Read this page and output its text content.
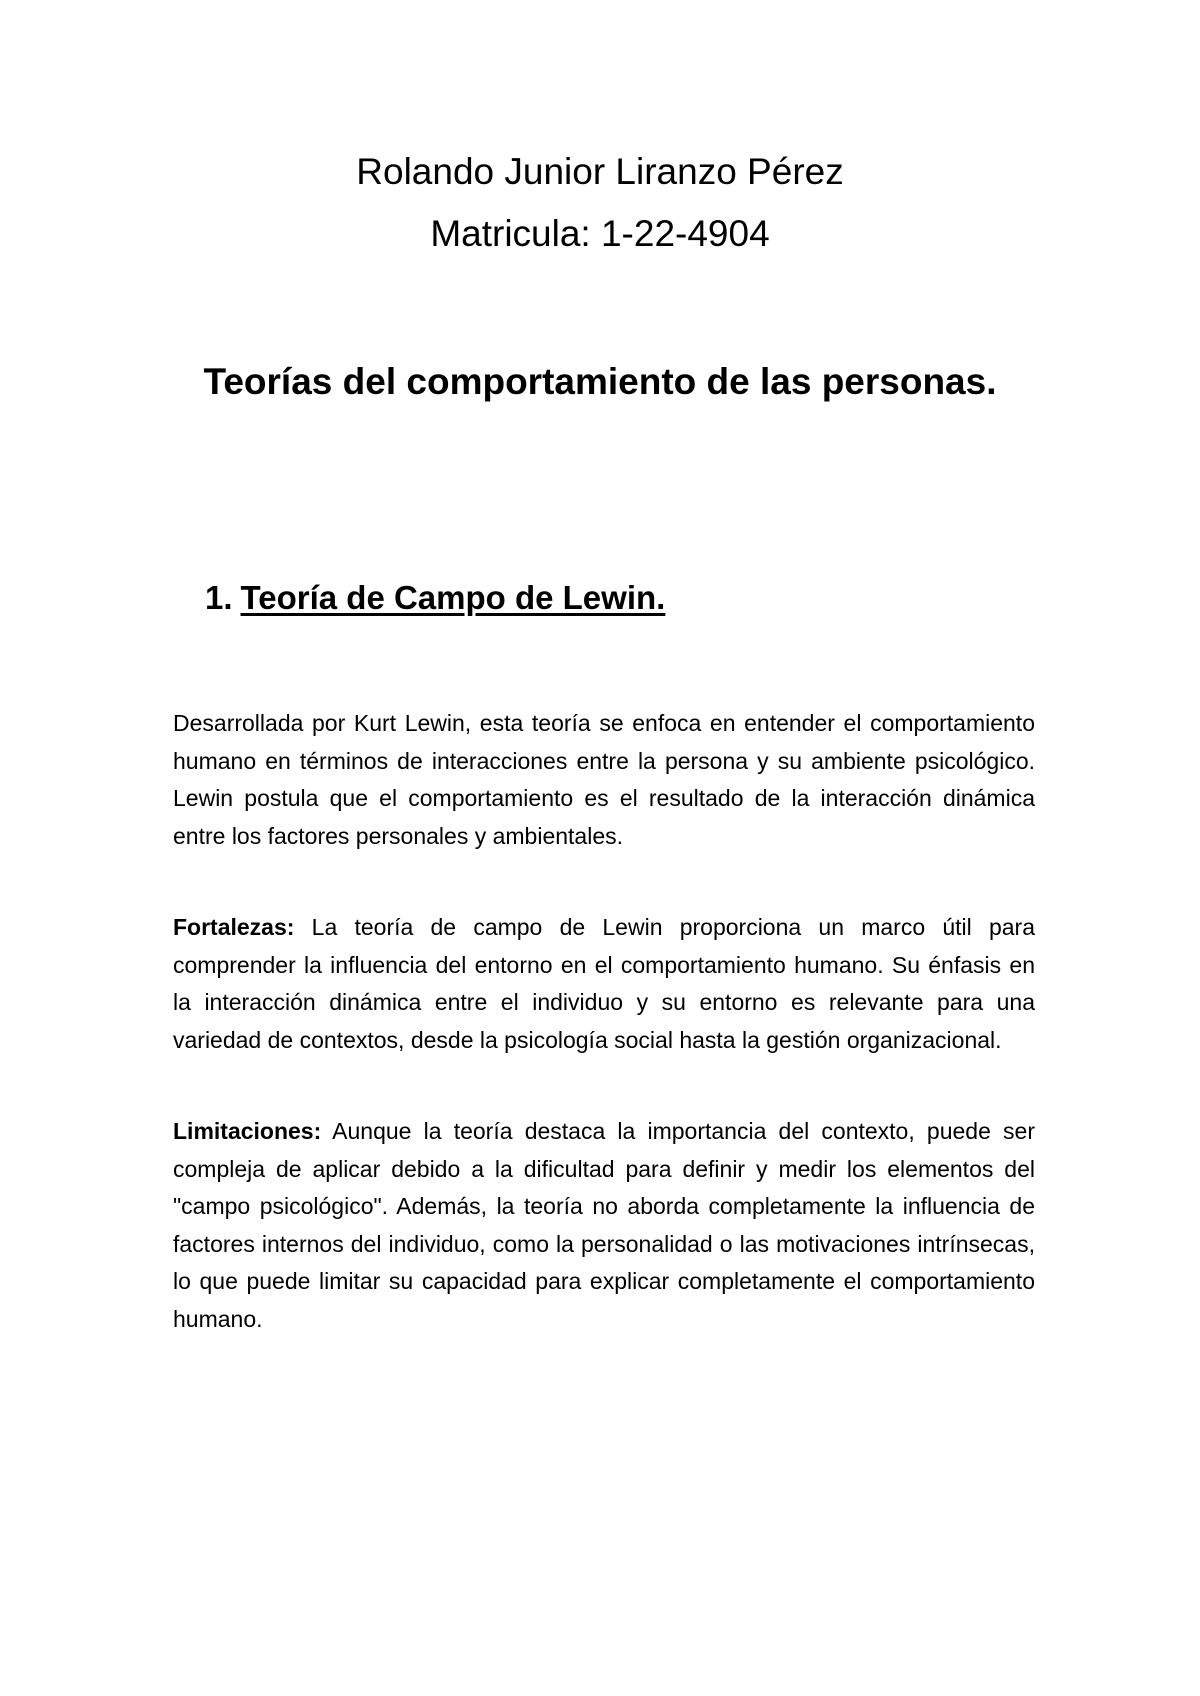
Rolando Junior Liranzo Pérez
Matricula: 1-22-4904
Teorías del comportamiento de las personas.
1. Teoría de Campo de Lewin.

Desarrollada por Kurt Lewin, esta teoría se enfoca en entender el comportamiento humano en términos de interacciones entre la persona y su ambiente psicológico. Lewin postula que el comportamiento es el resultado de la interacción dinámica entre los factores personales y ambientales.

Fortalezas: La teoría de campo de Lewin proporciona un marco útil para comprender la influencia del entorno en el comportamiento humano. Su énfasis en la interacción dinámica entre el individuo y su entorno es relevante para una variedad de contextos, desde la psicología social hasta la gestión organizacional.

Limitaciones: Aunque la teoría destaca la importancia del contexto, puede ser compleja de aplicar debido a la dificultad para definir y medir los elementos del "campo psicológico". Además, la teoría no aborda completamente la influencia de factores internos del individuo, como la personalidad o las motivaciones intrínsecas, lo que puede limitar su capacidad para explicar completamente el comportamiento humano.
